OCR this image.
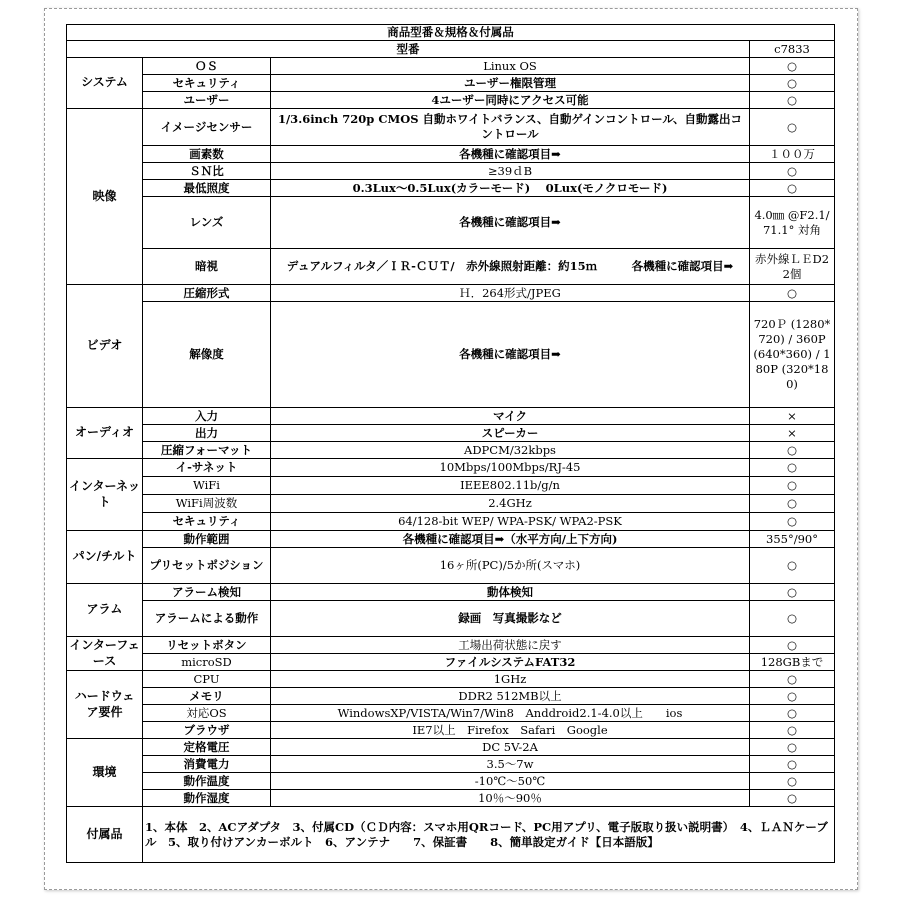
商品型番＆規格＆付属品			
型番			c7833
システム	ＯＳ	Linux OS	○
	セキュリティ	ユーザー権限管理	○
	ユーザー	4ユーザー同時にアクセス可能	○
映像	イメージセンサー	1/3.6inch 720p CMOS 自動ホワイトバランス、自動ゲインコントロール、自動露出コントロール	○
	画素数	各機種に確認項目➡	１００万
	ＳＮ比	≥39ｄB	○
	最低照度	0.3Lux～0.5Lux(カラーモード)　 0Lux(モノクロモード)	○
	レンズ	各機種に確認項目➡	4.0㎜ @F2.1/71.1° 対角
	暗視	デュアルフィルタ／ＩＲ-ＣＵＴ/　赤外線照射距離：約15ｍ　　　各機種に確認項目➡	赤外線ＬＥD22個
ビデオ	圧縮形式	Ｈ．264形式/JPEG	○
	解像度	各機種に確認項目➡	720Ｐ (1280*720) / 360P (640*360) / 180P (320*180)
オーディオ	入力	マイク	×
	出力	スピーカー	×
	圧縮フォーマット	ADPCM/32kbps	○
インターネット	イ-サネット	10Mbps/100Mbps/RJ-45	○
	WiFi	IEEE802.11b/g/n	○
	WiFi周波数	2.4GHz	○
	セキュリティ	64/128-bit WEP/ WPA-PSK/ WPA2-PSK	○
パン/チルト	動作範囲	各機種に確認項目➡（水平方向/上下方向)	355°/90°
	プリセットポジション	16ヶ所(PC)/5か所(スマホ)	○
アラム	アラーム検知	動体検知	○
	アラームによる動作	録画　写真撮影など	○
インターフェース	リセットボタン	工場出荷状態に戻す	○
	microSD	ファイルシステムFAT32	128GBまで
ハードウェア要件	CPU	1GHz	○
	メモリ	DDR2 512MB以上	○
	対応OS	WindowsXP/VISTA/Win7/Win8　Anddroid2.1-4.0以上　　ios	○
	ブラウザ	IE7以上　Firefox　Safari　Google	○
環境	定格電圧	DC 5V-2A	○
	消費電力	3.5～7w	○
	動作温度	-10℃～50℃	○
	動作湿度	10％～90％	○
付属品	1、本体　2、ACアダプタ　3、付属CD（ＣＤ内容：スマホ用QRコード、PC用アプリ、電子版取り扱い説明書）　4、ＬＡＮケーブル　5、取り付けアンカーボルト　6、アンテナ　　7、保証書　　8、簡単設定ガイド【日本語版】		
